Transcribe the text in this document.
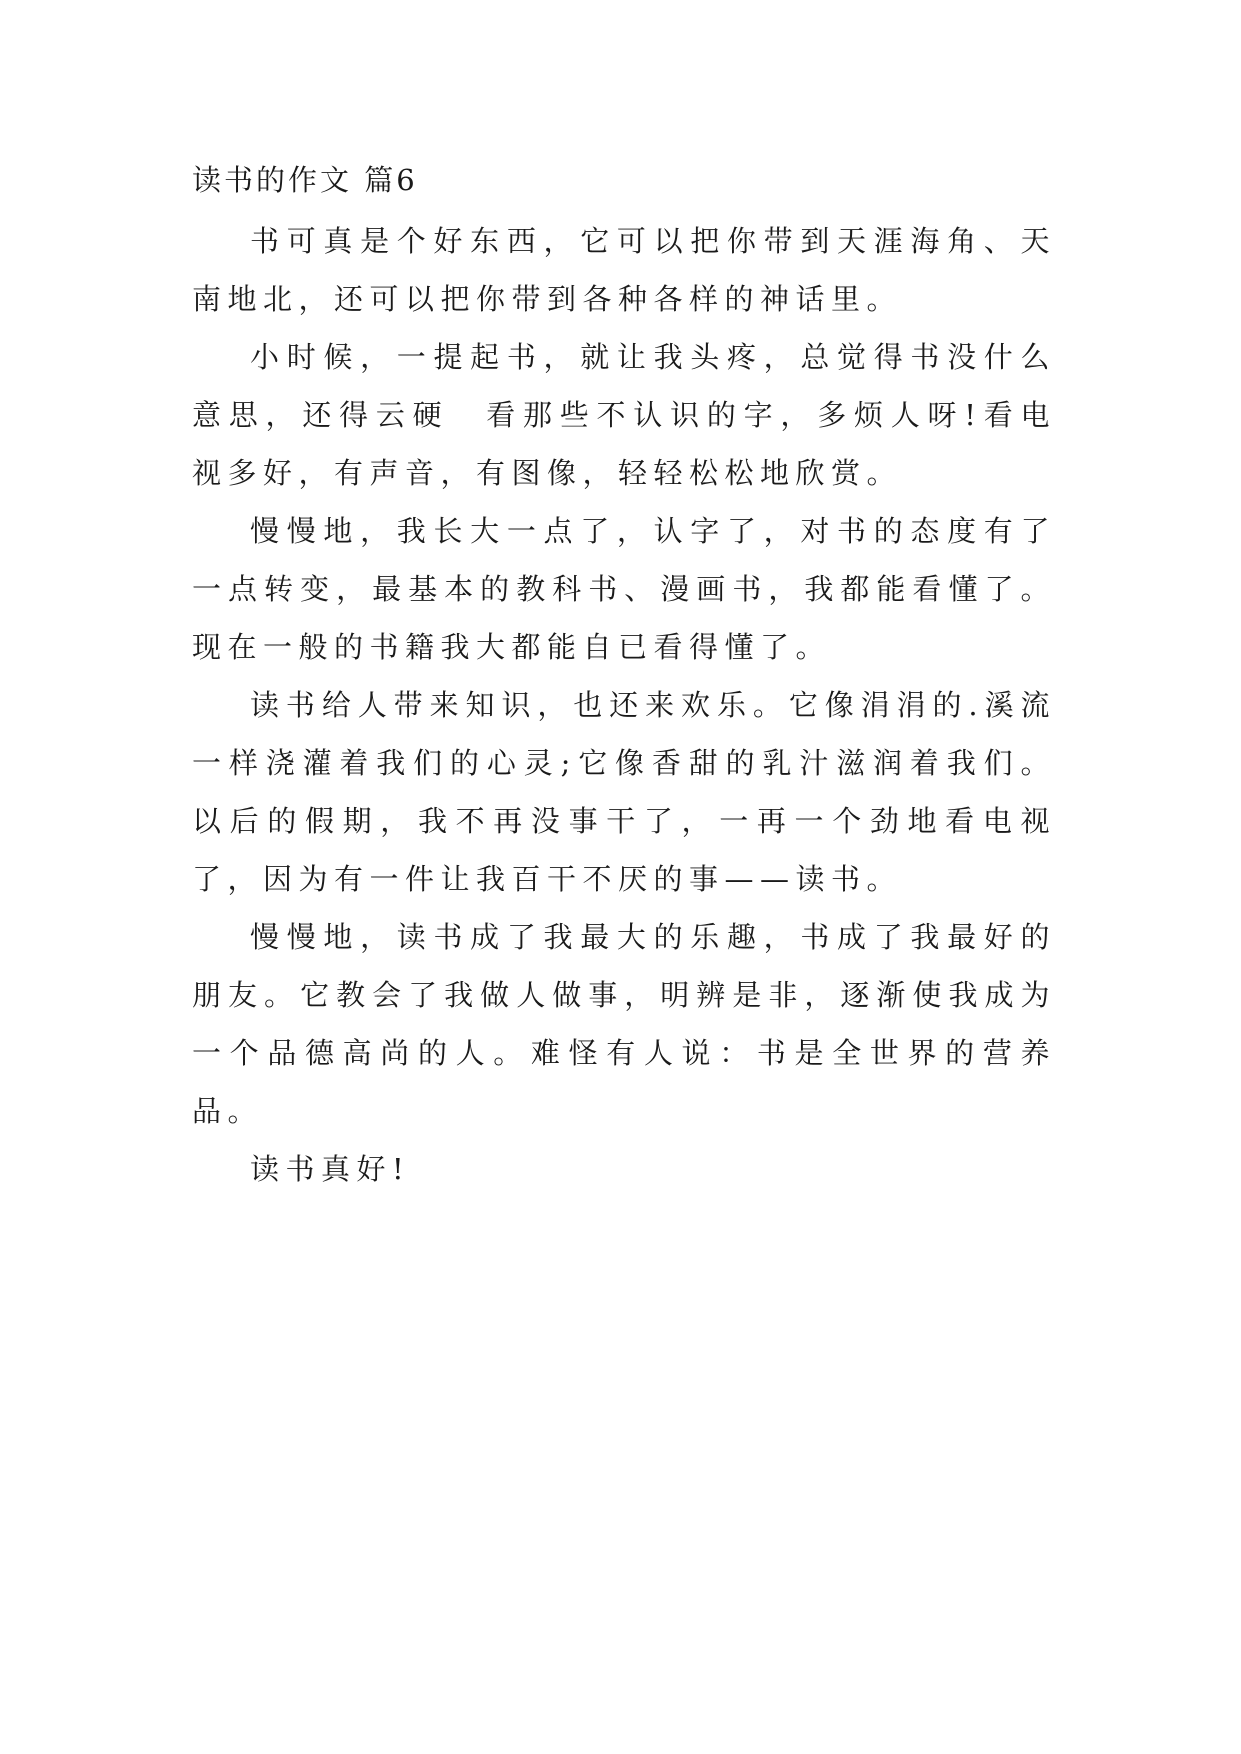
读书的作文 篇6

书可真是个好东西，它可以把你带到天涯海角、天南地北，还可以把你带到各种各样的神话里。

小时候，一提起书，就让我头疼，总觉得书没什么意思，还得云硬　看那些不认识的字，多烦人呀!看电视多好，有声音，有图像，轻轻松松地欣赏。

慢慢地，我长大一点了，认字了，对书的态度有了一点转变，最基本的教科书、漫画书，我都能看懂了。现在一般的书籍我大都能自已看得懂了。

读书给人带来知识，也还来欢乐。它像涓涓的.溪流一样浇灌着我们的心灵;它像香甜的乳汁滋润着我们。以后的假期，我不再没事干了，一再一个劲地看电视了，因为有一件让我百干不厌的事——读书。

慢慢地，读书成了我最大的乐趣，书成了我最好的朋友。它教会了我做人做事，明辨是非，逐渐使我成为一个品德高尚的人。难怪有人说：书是全世界的营养品。

读书真好!
